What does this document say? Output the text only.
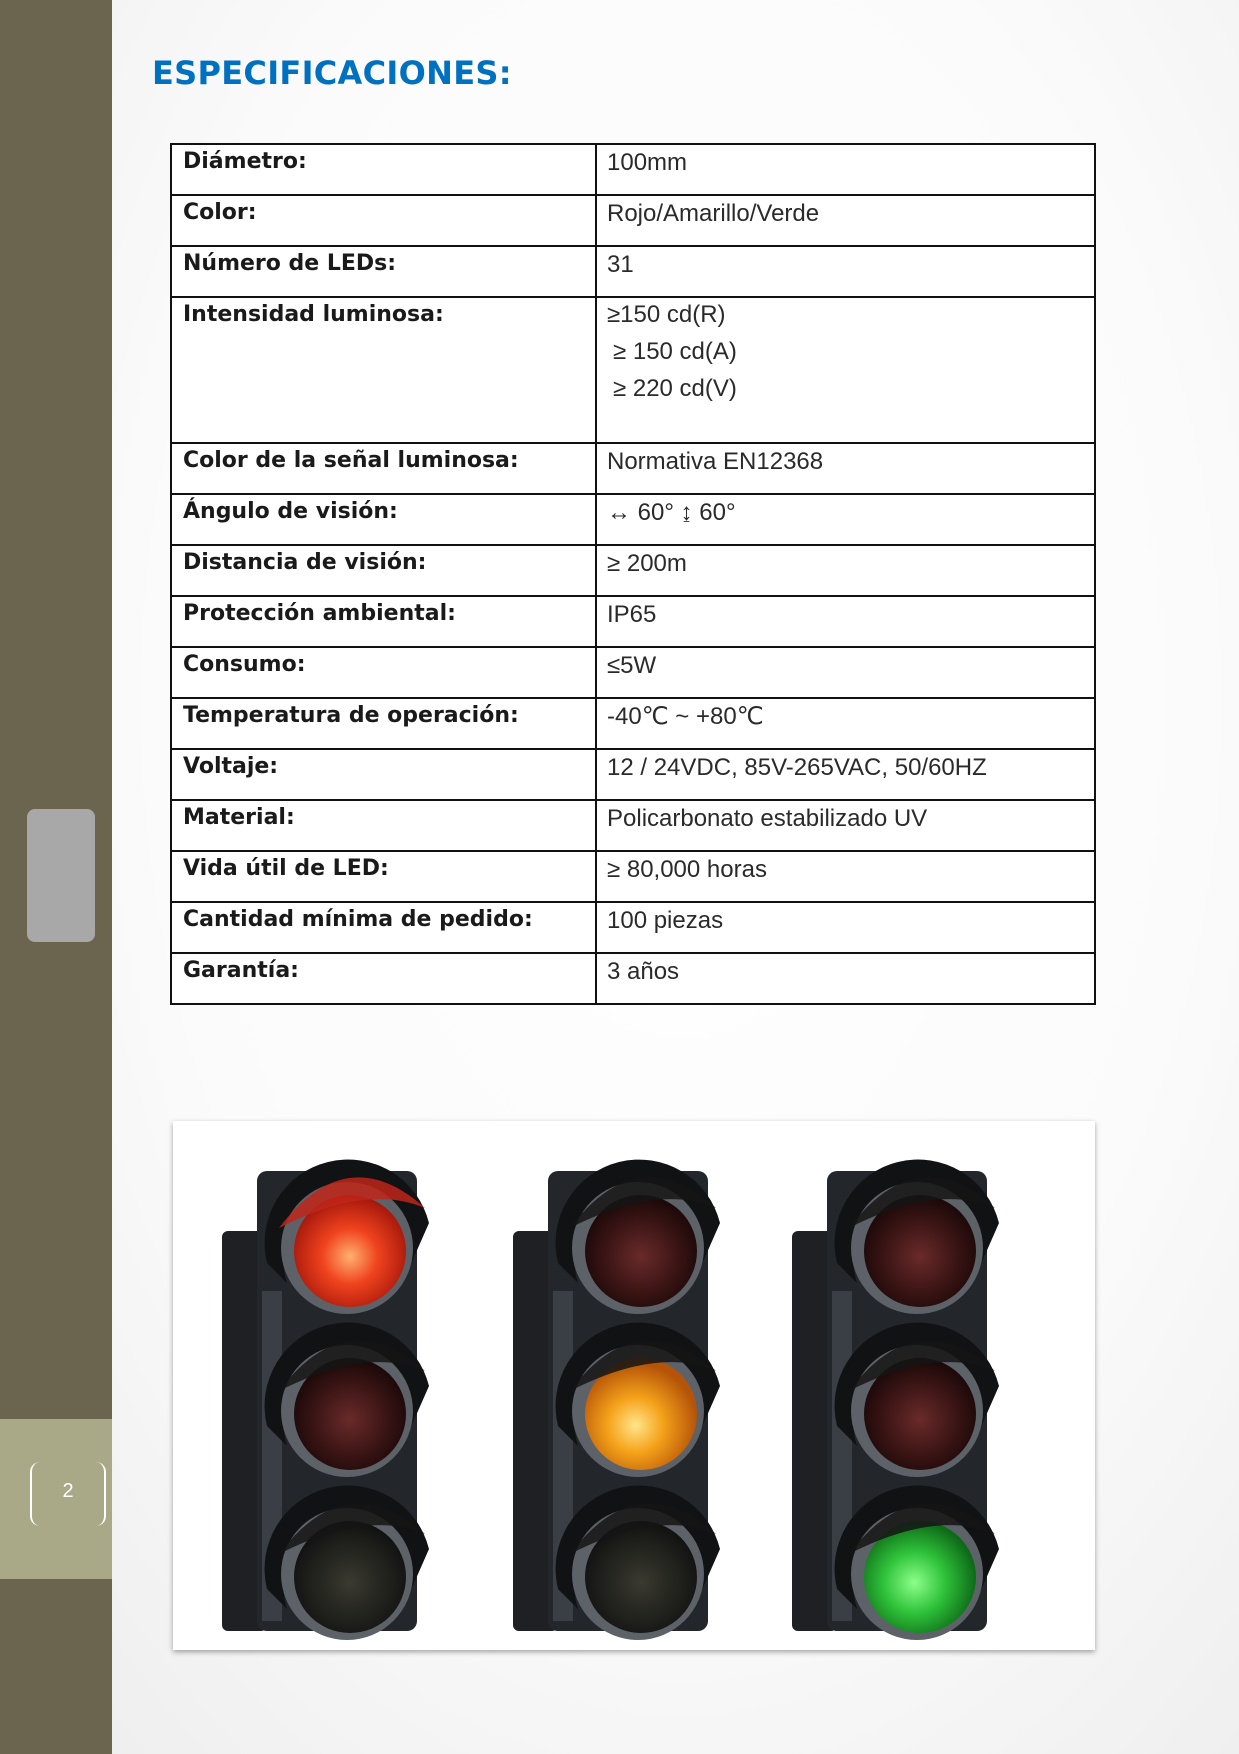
2
ESPECIFICACIONES:
Diámetro:	100mm

Color:	Rojo/Amarillo/Verde

Número de LEDs:	31

Intensidad luminosa:	≥150 cd(R)
≥ 150 cd(A)
≥ 220 cd(V)

Color de la señal luminosa:	Normativa EN12368

Ángulo de visión:	↔ 60° ↨ 60°

Distancia de visión:	≥ 200m

Protección ambiental:	IP65

Consumo:	≤5W

Temperatura de operación:	-40℃ ~ +80℃

Voltaje:	12 / 24VDC, 85V-265VAC, 50/60HZ

Material:	Policarbonato estabilizado UV

Vida útil de LED:	≥ 80,000 horas

Cantidad mínima de pedido:	100 piezas

Garantía:	3 años
